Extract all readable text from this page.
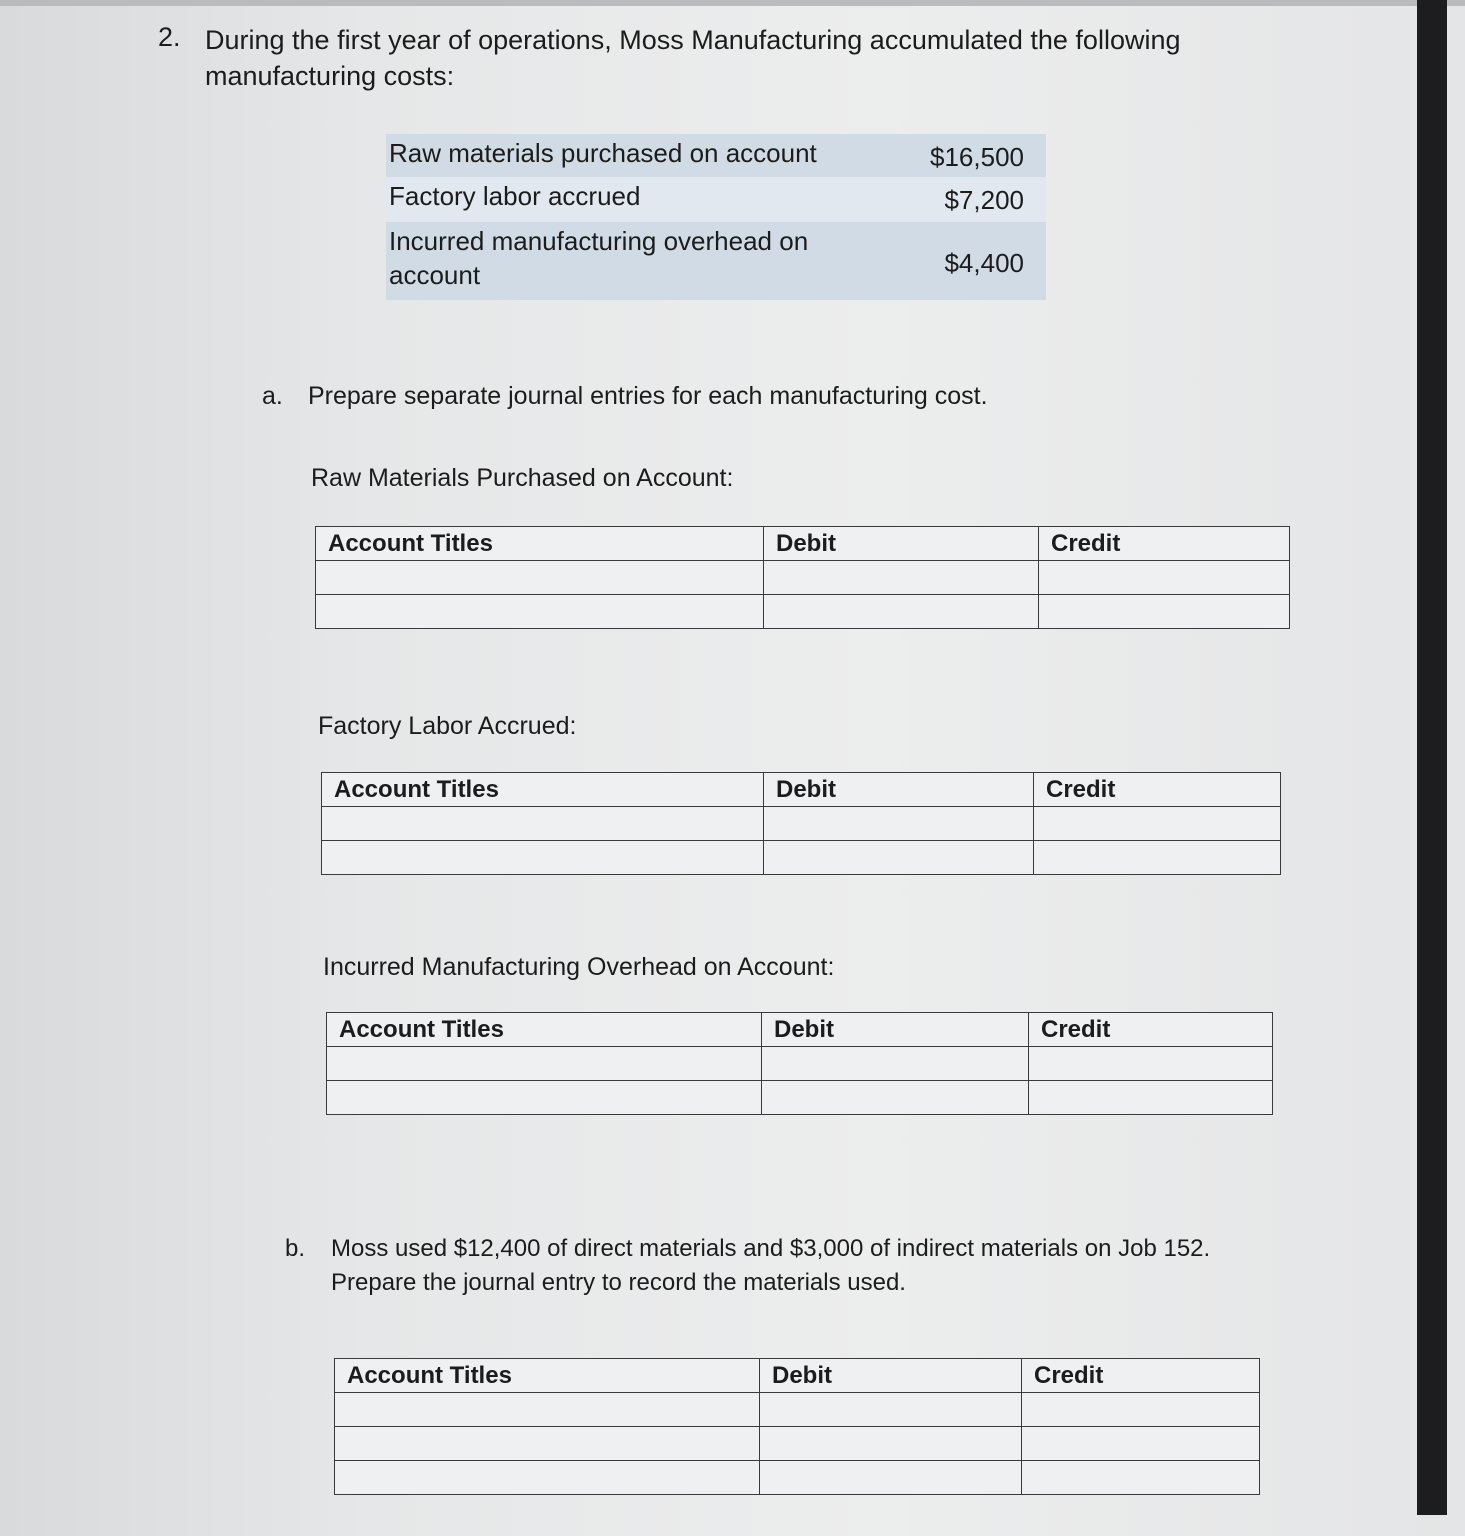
2. During the first year of operations, Moss Manufacturing accumulated the following manufacturing costs:
Raw materials purchased on account	$16,500
Factory labor accrued	$7,200
Incurred manufacturing overhead on account	$4,400
a. Prepare separate journal entries for each manufacturing cost.
Raw Materials Purchased on Account:
Account Titles	Debit	Credit

Factory Labor Accrued:
Account Titles	Debit	Credit

Incurred Manufacturing Overhead on Account:
Account Titles	Debit	Credit

b. Moss used $12,400 of direct materials and $3,000 of indirect materials on Job 152. Prepare the journal entry to record the materials used.
Account Titles	Debit	Credit
